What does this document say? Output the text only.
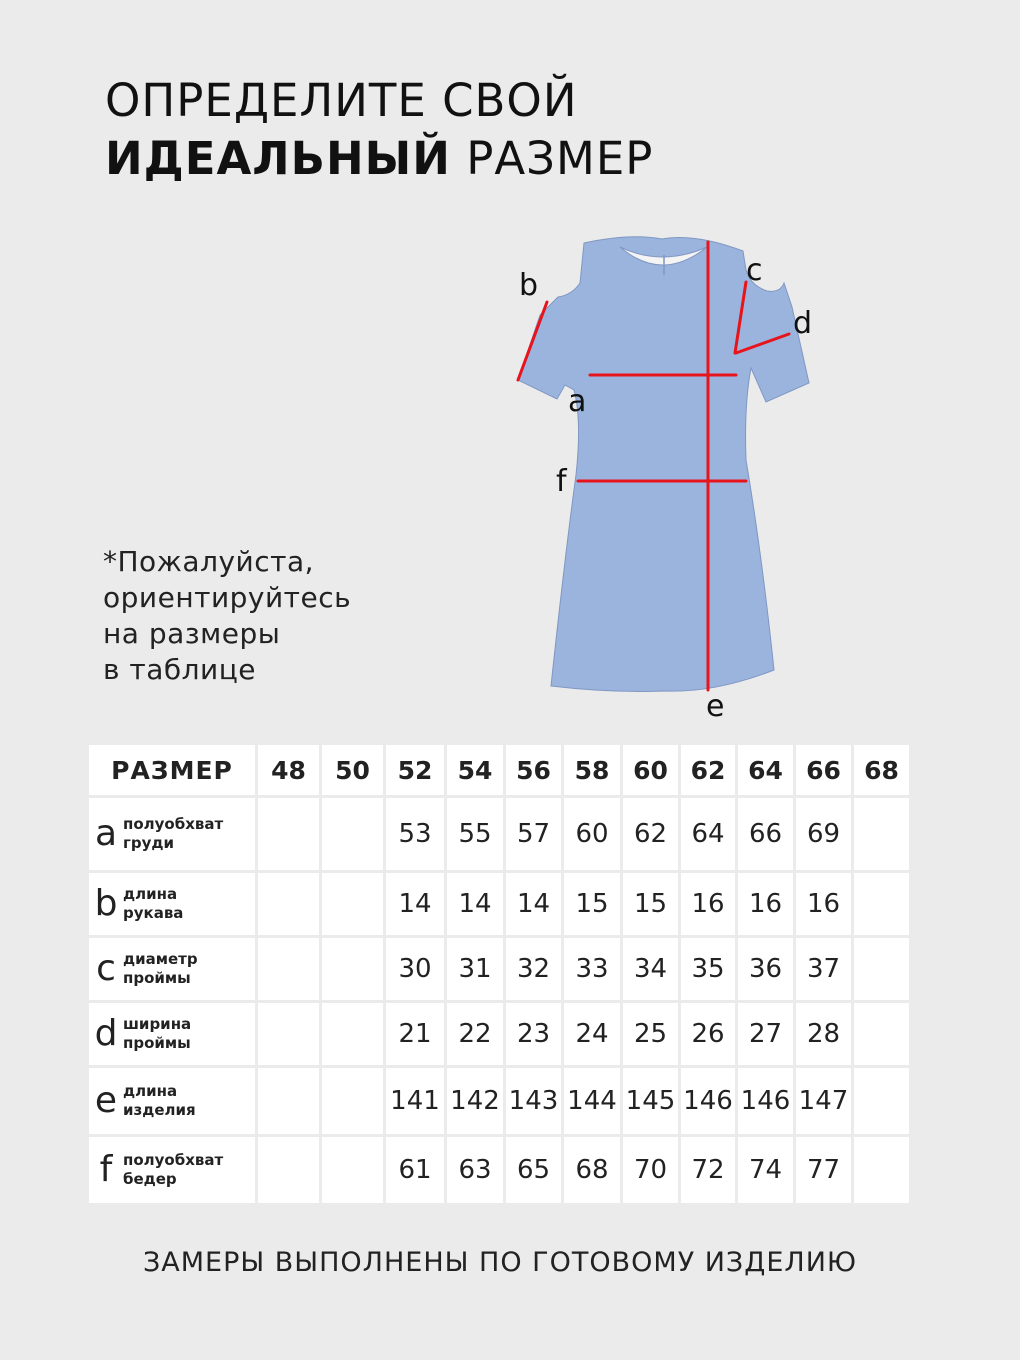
ОПРЕДЕЛИТЕ СВОЙ
ИДЕАЛЬНЫЙ РАЗМЕР
*Пожалуйста,
ориентируйтесь
на размеры
в таблице
a
b	c
d
e
f
РАЗМЕР	48	50	52	54	56	58	60	62	64	66	68

a полуобхват
груди			53	55	57	60	62	64	66	69	

b длина
рукава			14	14	14	15	15	16	16	16	

c диаметр
проймы			30	31	32	33	34	35	36	37	

d ширина
проймы			21	22	23	24	25	26	27	28	

e длина
изделия			141	142	143	144	145	146	146	147	

f полуобхват
бедер			61	63	65	68	70	72	74	77	
ЗАМЕРЫ ВЫПОЛНЕНЫ ПО ГОТОВОМУ ИЗДЕЛИЮ
